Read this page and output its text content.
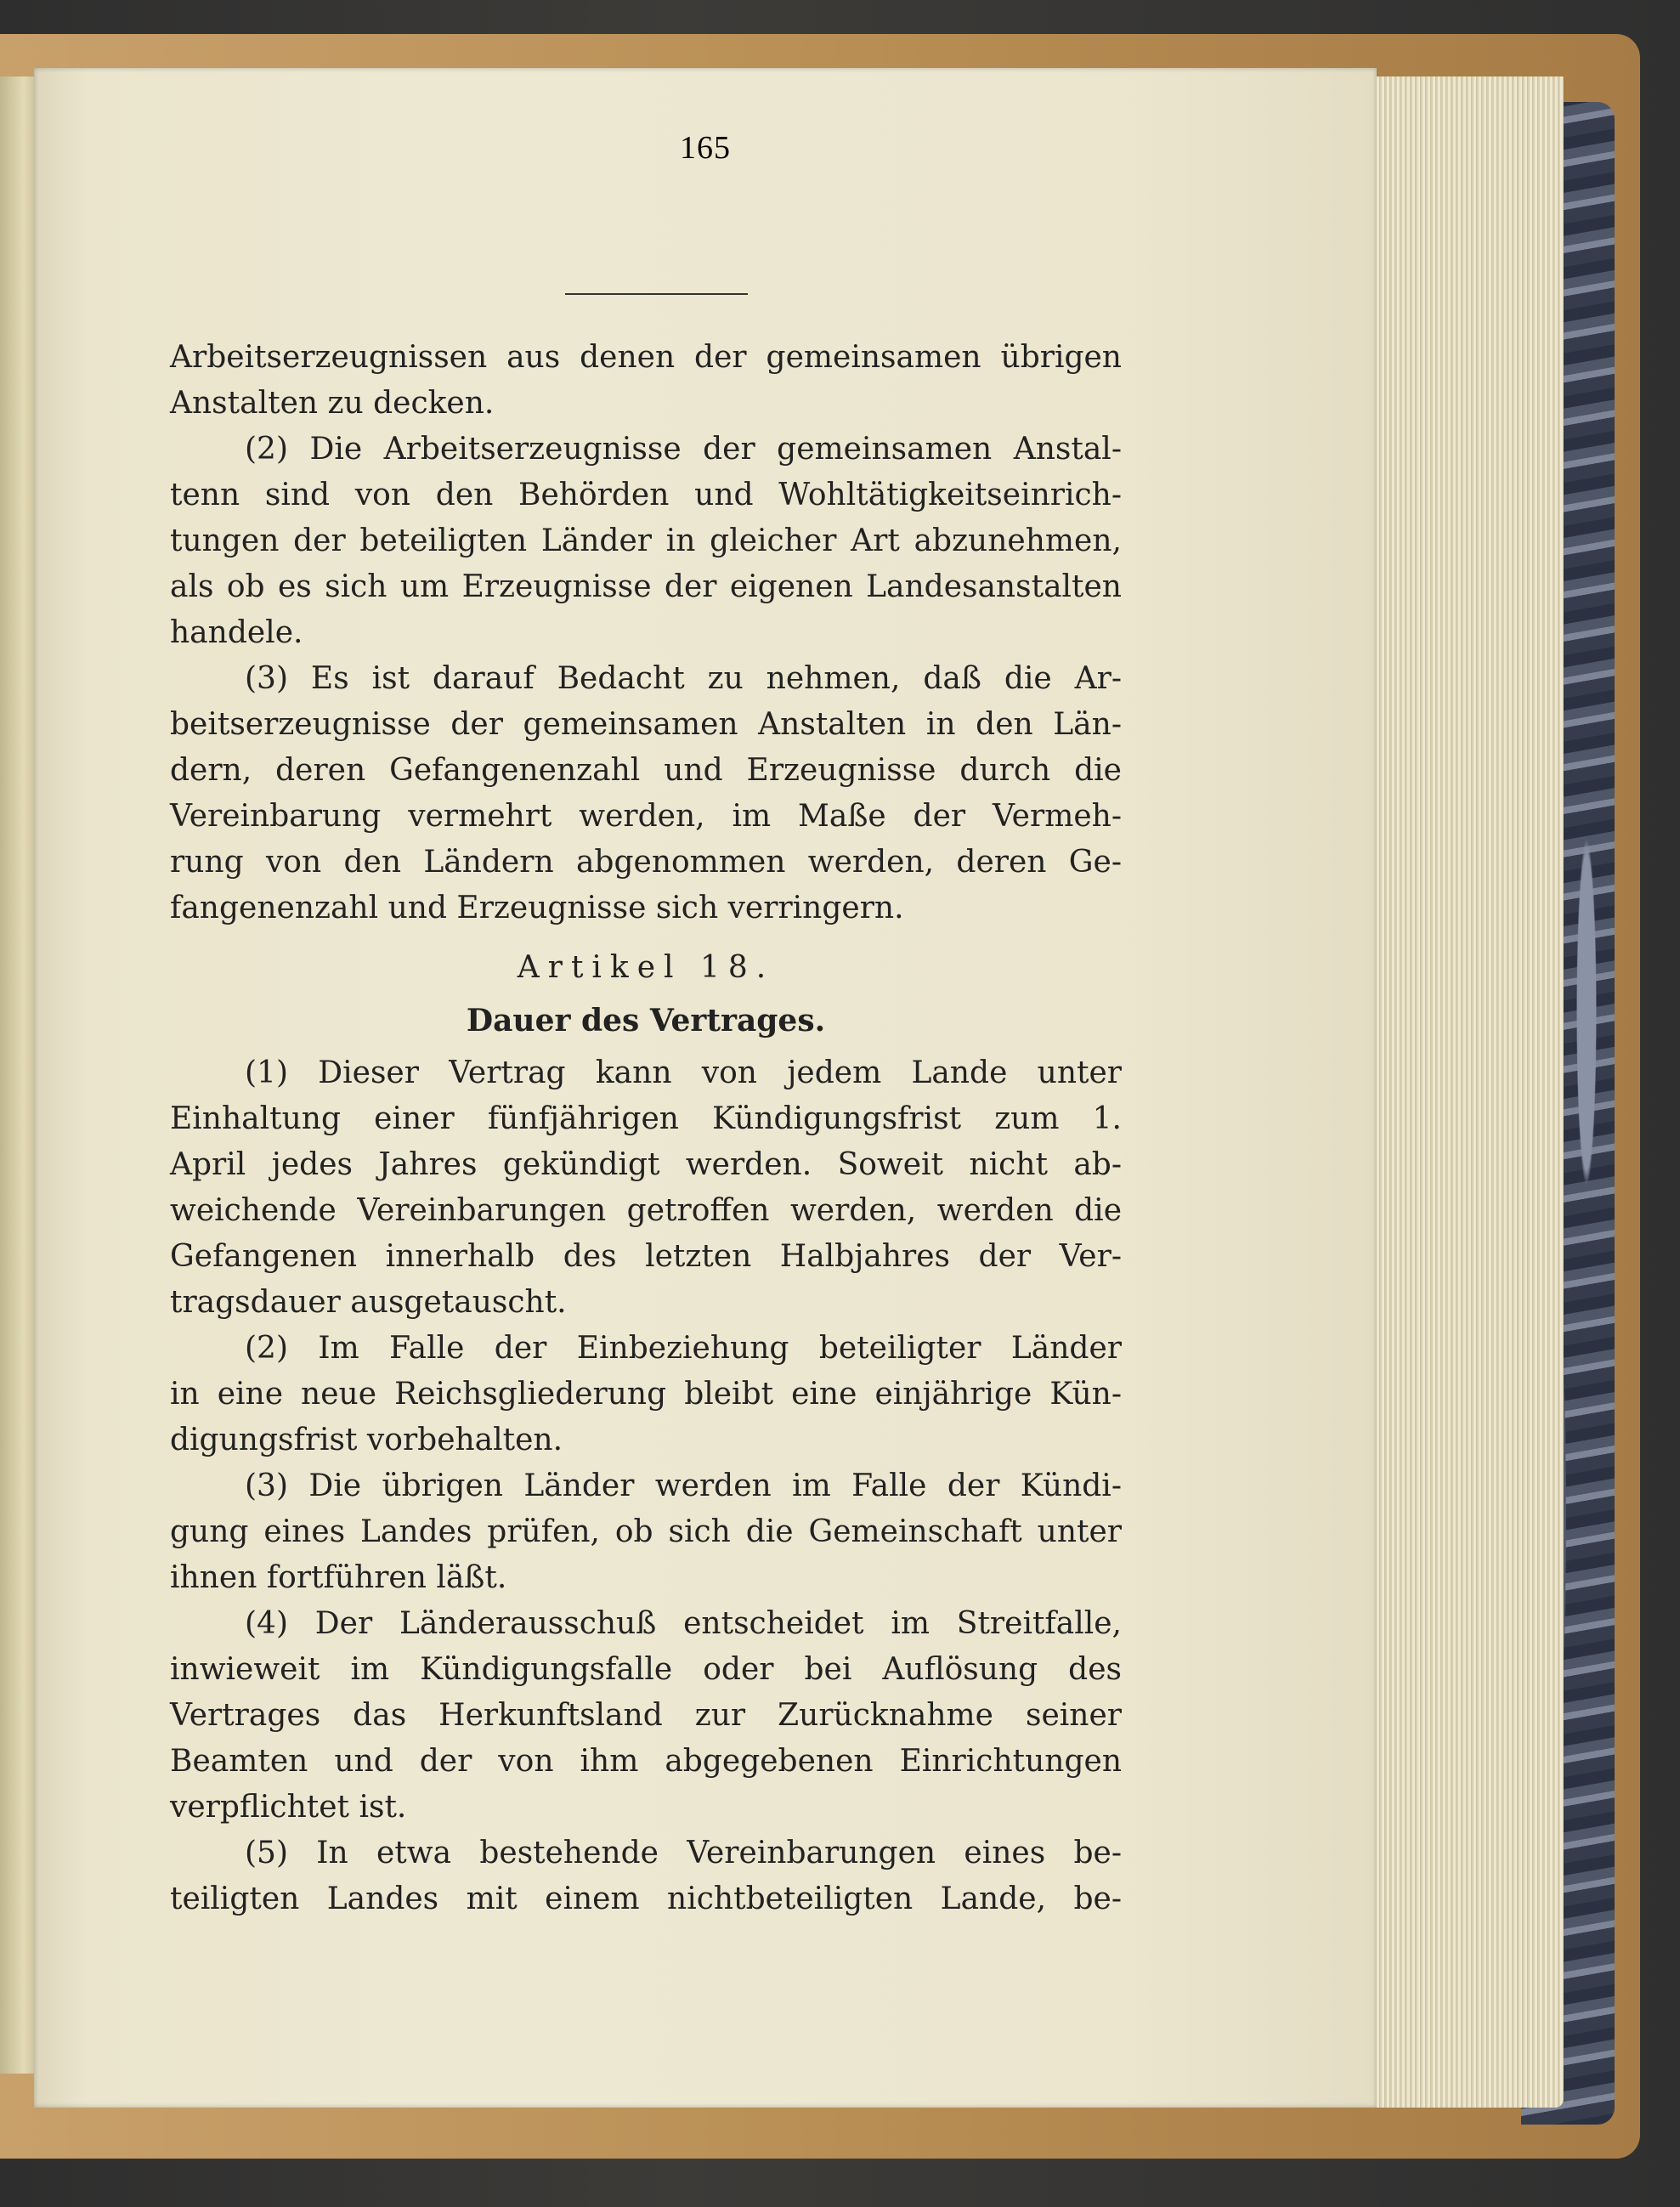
165
Arbeitserzeugnissen aus denen der gemeinsamen übrigen
Anstalten zu decken.
(2) Die Arbeitserzeugnisse der gemeinsamen Anstal-
tenn sind von den Behörden und Wohltätigkeitseinrich-
tungen der beteiligten Länder in gleicher Art abzunehmen,
als ob es sich um Erzeugnisse der eigenen Landesanstalten
handele.
(3) Es ist darauf Bedacht zu nehmen, daß die Ar-
beitserzeugnisse der gemeinsamen Anstalten in den Län-
dern, deren Gefangenenzahl und Erzeugnisse durch die
Vereinbarung vermehrt werden, im Maße der Vermeh-
rung von den Ländern abgenommen werden, deren Ge-
fangenenzahl und Erzeugnisse sich verringern.
Artikel 18.
Dauer des Vertrages.
(1) Dieser Vertrag kann von jedem Lande unter
Einhaltung einer fünfjährigen Kündigungsfrist zum 1.
April jedes Jahres gekündigt werden. Soweit nicht ab-
weichende Vereinbarungen getroffen werden, werden die
Gefangenen innerhalb des letzten Halbjahres der Ver-
tragsdauer ausgetauscht.
(2) Im Falle der Einbeziehung beteiligter Länder
in eine neue Reichsgliederung bleibt eine einjährige Kün-
digungsfrist vorbehalten.
(3) Die übrigen Länder werden im Falle der Kündi-
gung eines Landes prüfen, ob sich die Gemeinschaft unter
ihnen fortführen läßt.
(4) Der Länderausschuß entscheidet im Streitfalle,
inwieweit im Kündigungsfalle oder bei Auflösung des
Vertrages das Herkunftsland zur Zurücknahme seiner
Beamten und der von ihm abgegebenen Einrichtungen
verpflichtet ist.
(5) In etwa bestehende Vereinbarungen eines be-
teiligten Landes mit einem nichtbeteiligten Lande, be-
